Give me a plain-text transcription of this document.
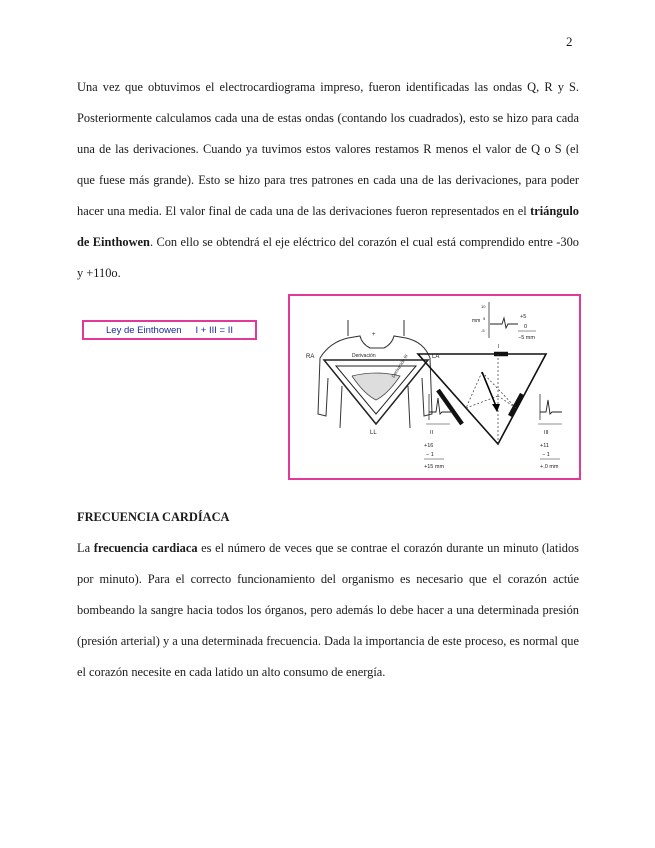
2

Una vez que obtuvimos el electrocardiograma impreso, fueron identificadas las ondas Q, R y S. Posteriormente calculamos cada una de estas ondas (contando los cuadrados), esto se hizo para cada una de las derivaciones. Cuando ya tuvimos estos valores restamos R menos el valor de Q o S (el que fuese más grande). Esto se hizo para tres patrones en cada una de las derivaciones, para poder hacer una media. El valor final de cada una de las derivaciones fueron representados en el triángulo de Einthowen. Con ello se obtendrá el eje eléctrico del corazón el cual está comprendido entre -30o y +110o.

Ley de Einthowen I + III = II
RA	LA
LL
+
Derivación	Derivación III
mm
10
5
-5
+5
0
−5 mm
I
II
+16
− 1
+15 mm
III
+11
− 1
+.0 mm
FRECUENCIA CARDÍACA

La frecuencia cardiaca es el número de veces que se contrae el corazón durante un minuto (latidos por minuto). Para el correcto funcionamiento del organismo es necesario que el corazón actúe bombeando la sangre hacia todos los órganos, pero además lo debe hacer a una determinada presión (presión arterial) y a una determinada frecuencia. Dada la importancia de este proceso, es normal que el corazón necesite en cada latido un alto consumo de energía.
